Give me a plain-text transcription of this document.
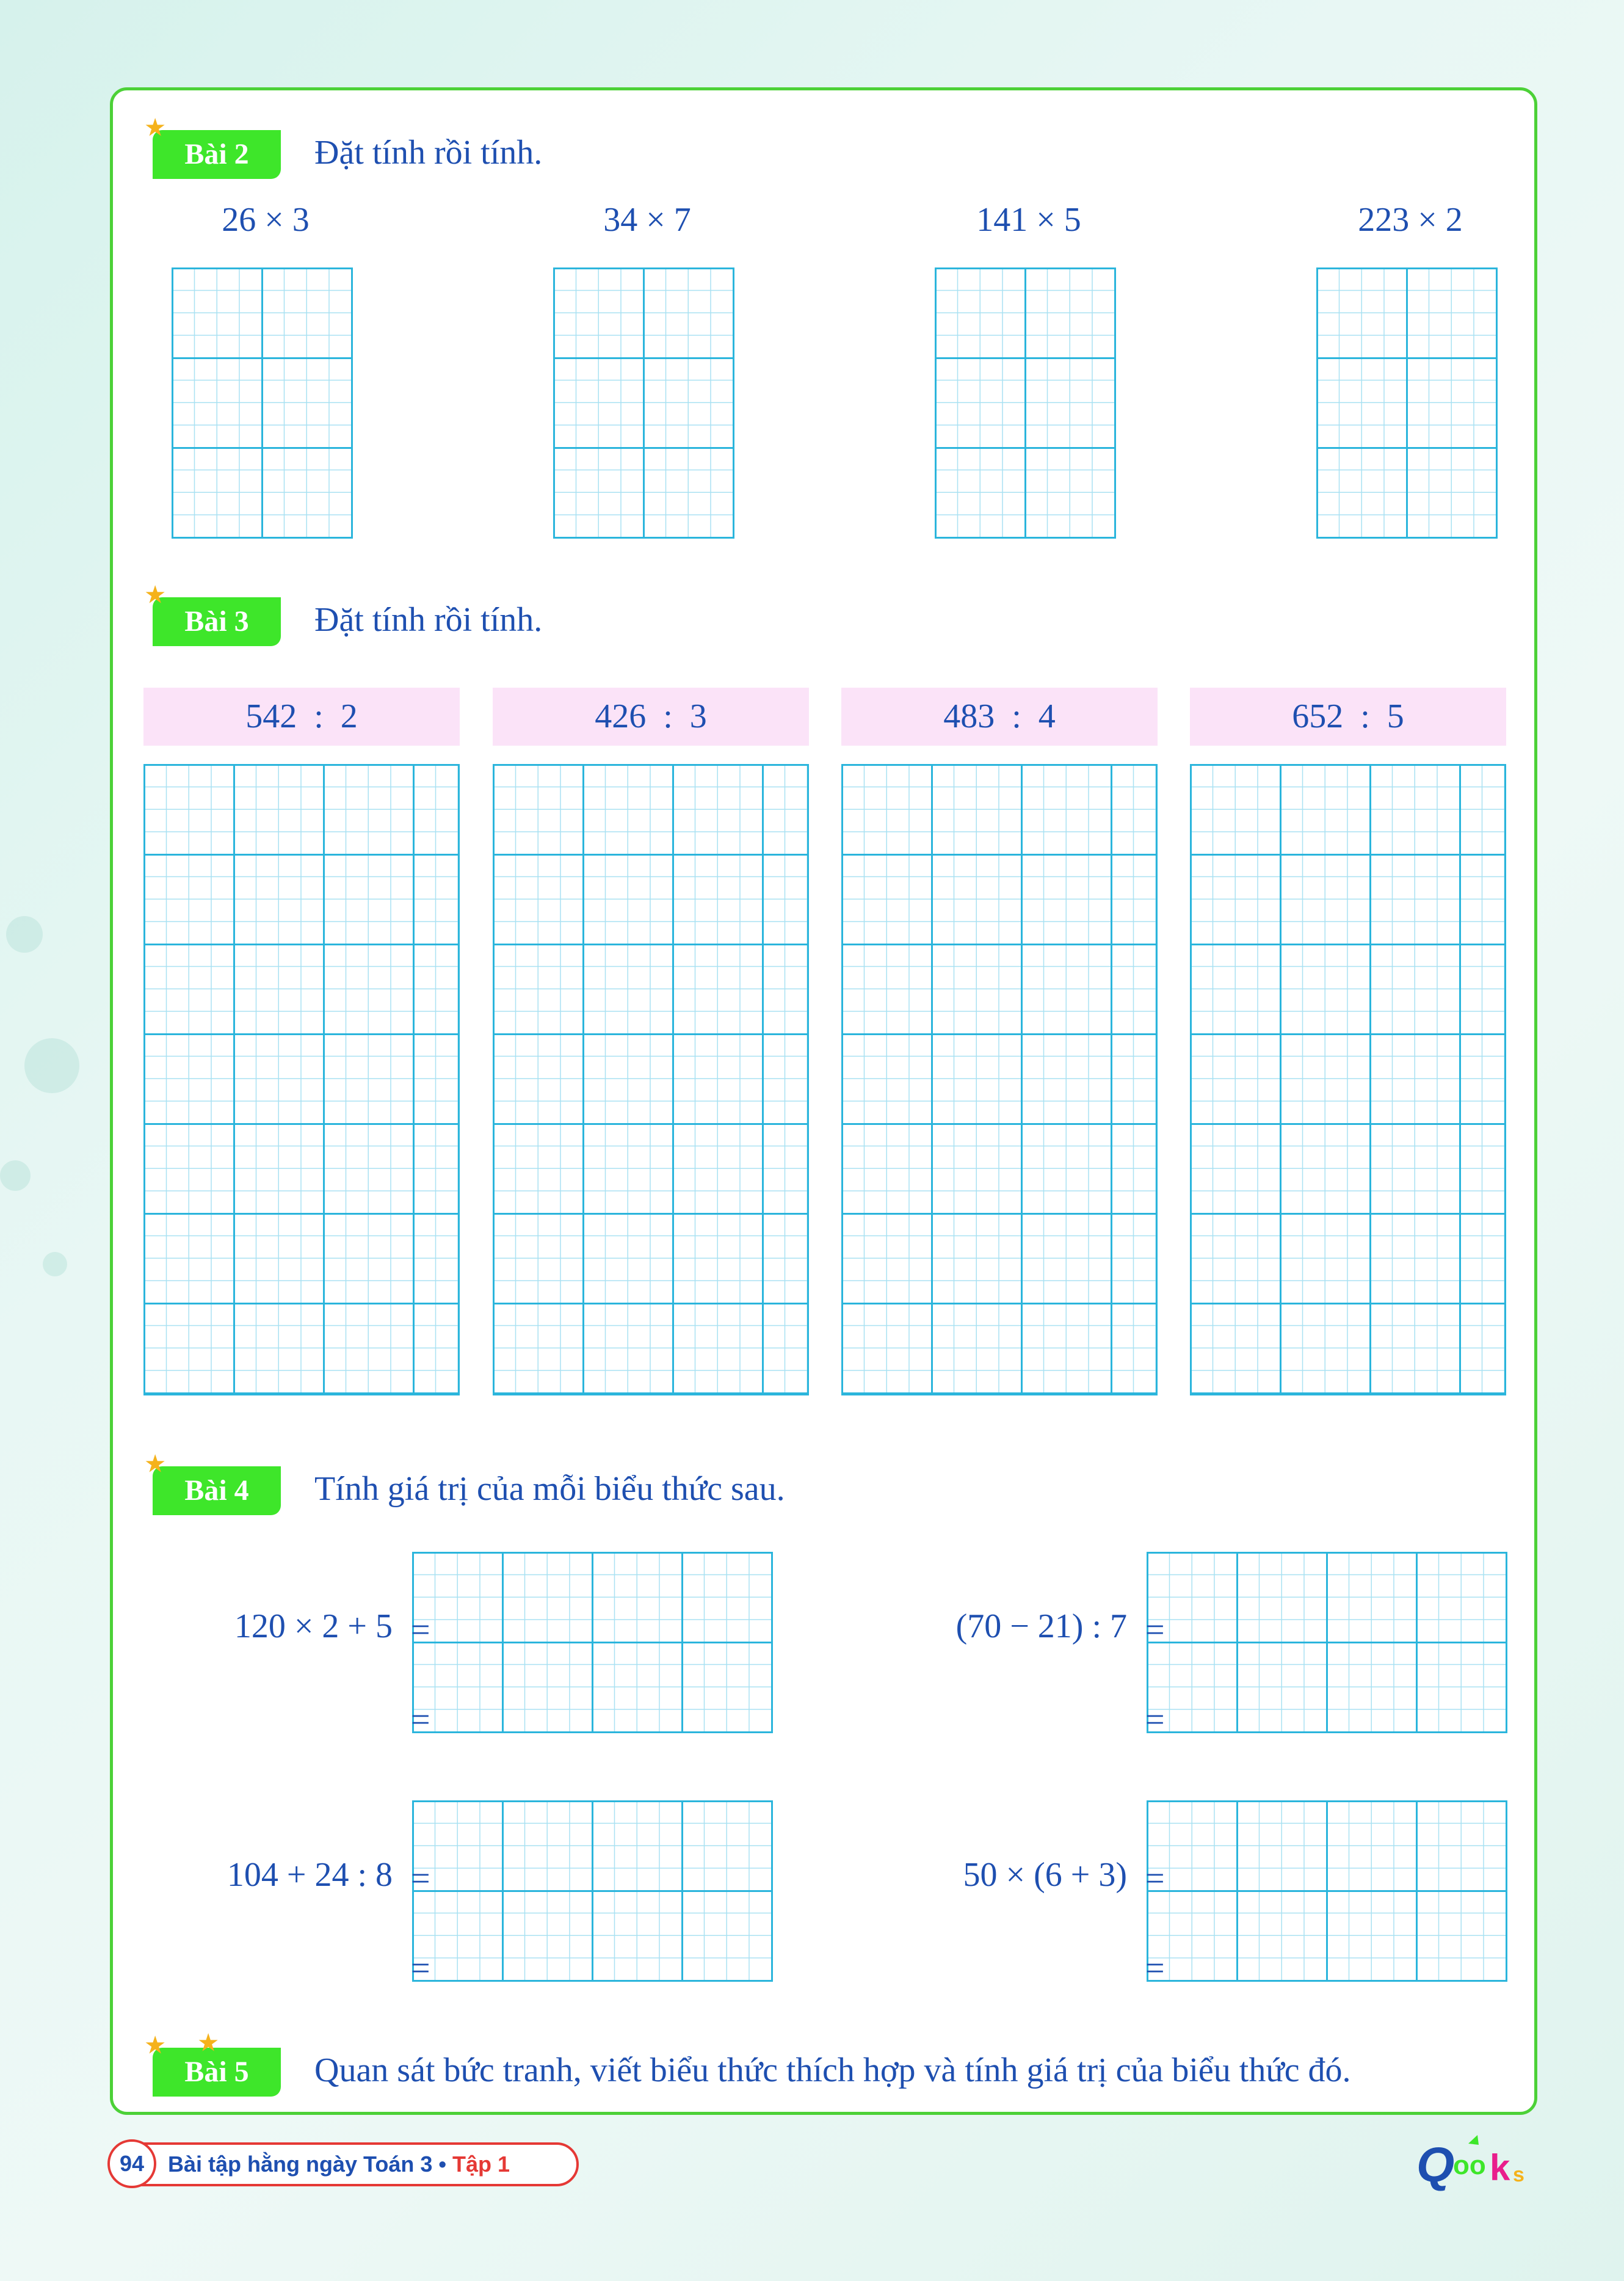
★
Bài 2	Đặt tính rồi tính.
26 × 3	34 × 7	141 × 5	223 × 2
★
Bài 3	Đặt tính rồi tính.
542  :  2	426  :  3	483  :  4	652  :  5
★
Bài 4	Tính giá trị của mỗi biểu thức sau.
120 × 2 + 5 =
=
(70 − 21) : 7 =
=
104 + 24 : 8 =
=
50 × (6 + 3) =
=
★ ★
Bài 5	Quan sát bức tranh, viết biểu thức thích hợp và tính giá trị của biểu thức đó.
94	Bài tập hằng ngày Toán 3 • Tập 1	Q
oo k s
